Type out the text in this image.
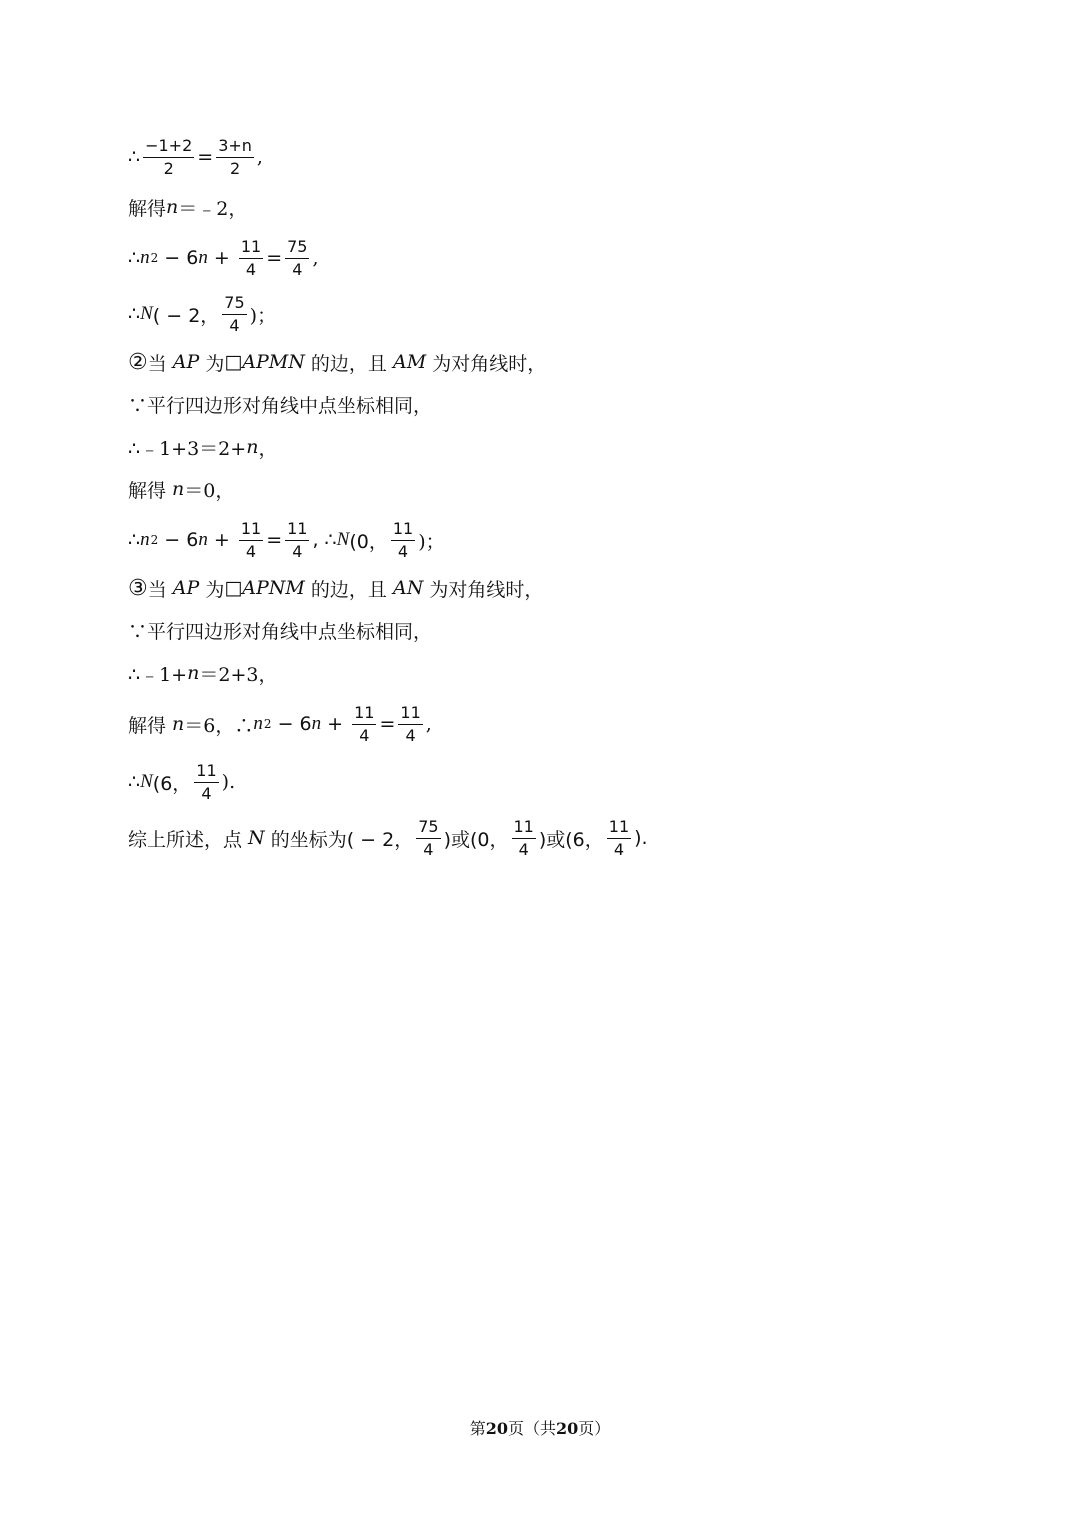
∴ $\frac{-1+2}{2} = \frac{3+n}{2}$ ,
解得 n ＝﹣2，
∴ n 2 − 6 $n + \frac{11}{4} = \frac{75}{4}$ ,
∴ N ( − 2， $\frac{75}{4}$ )；
② 当 AP 为 □ APMN 的边，且 AM 为对角线时，
∵平行四边形对角线中点坐标相同，
∴﹣1+3＝2+ n ，
解得 n ＝0，
∴ n 2 − 6 $n + \frac{11}{4} = \frac{11}{4}$ , ∴ N (0， $\frac{11}{4}$ )；
③ 当 AP 为 □ APNM 的边，且 AN 为对角线时，
∵平行四边形对角线中点坐标相同，
∴﹣1+ n ＝2+3，
解得 n ＝6，∴ n 2 − 6 $n + \frac{11}{4} = \frac{11}{4}$ ,
∴ N (6， $\frac{11}{4}$ ).
综上所述，点 N 的坐标为( − 2， $\frac{75}{4}$ )或(0， $\frac{11}{4}$ )或(6， $\frac{11}{4}$ ).
第20页（共20页）
